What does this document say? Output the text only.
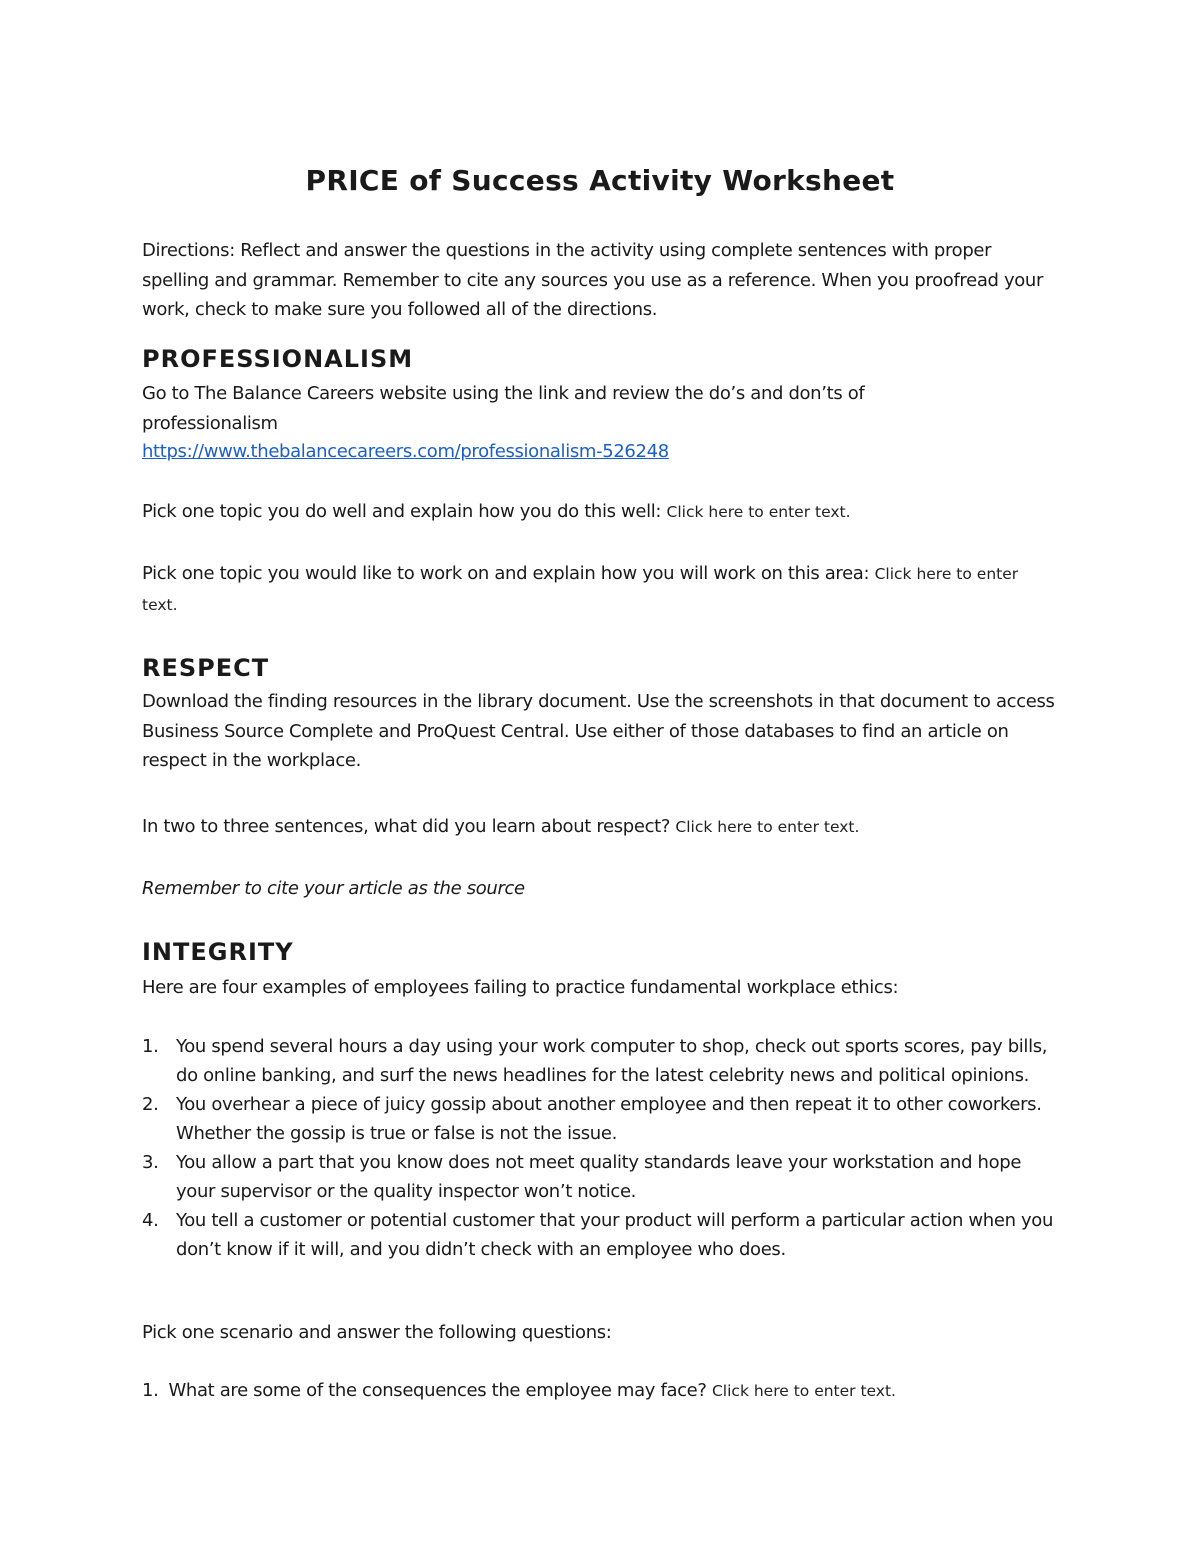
PRICE of Success Activity Worksheet

Directions: Reflect and answer the questions in the activity using complete sentences with proper spelling and grammar. Remember to cite any sources you use as a reference. When you proofread your work, check to make sure you followed all of the directions.

PROFESSIONALISM

Go to The Balance Careers website using the link and review the do’s and don’ts of professionalism

https://www.thebalancecareers.com/professionalism-526248

Pick one topic you do well and explain how you do this well: Click here to enter text.

Pick one topic you would like to work on and explain how you will work on this area: Click here to enter text.

RESPECT

Download the finding resources in the library document. Use the screenshots in that document to access Business Source Complete and ProQuest Central. Use either of those databases to find an article on respect in the workplace.

In two to three sentences, what did you learn about respect? Click here to enter text.

Remember to cite your article as the source

INTEGRITY

Here are four examples of employees failing to practice fundamental workplace ethics:

1. You spend several hours a day using your work computer to shop, check out sports scores, pay bills, do online banking, and surf the news headlines for the latest celebrity news and political opinions.
2. You overhear a piece of juicy gossip about another employee and then repeat it to other coworkers. Whether the gossip is true or false is not the issue.
3. You allow a part that you know does not meet quality standards leave your workstation and hope your supervisor or the quality inspector won’t notice.
4. You tell a customer or potential customer that your product will perform a particular action when you don’t know if it will, and you didn’t check with an employee who does.

Pick one scenario and answer the following questions:

1. What are some of the consequences the employee may face? Click here to enter text.
